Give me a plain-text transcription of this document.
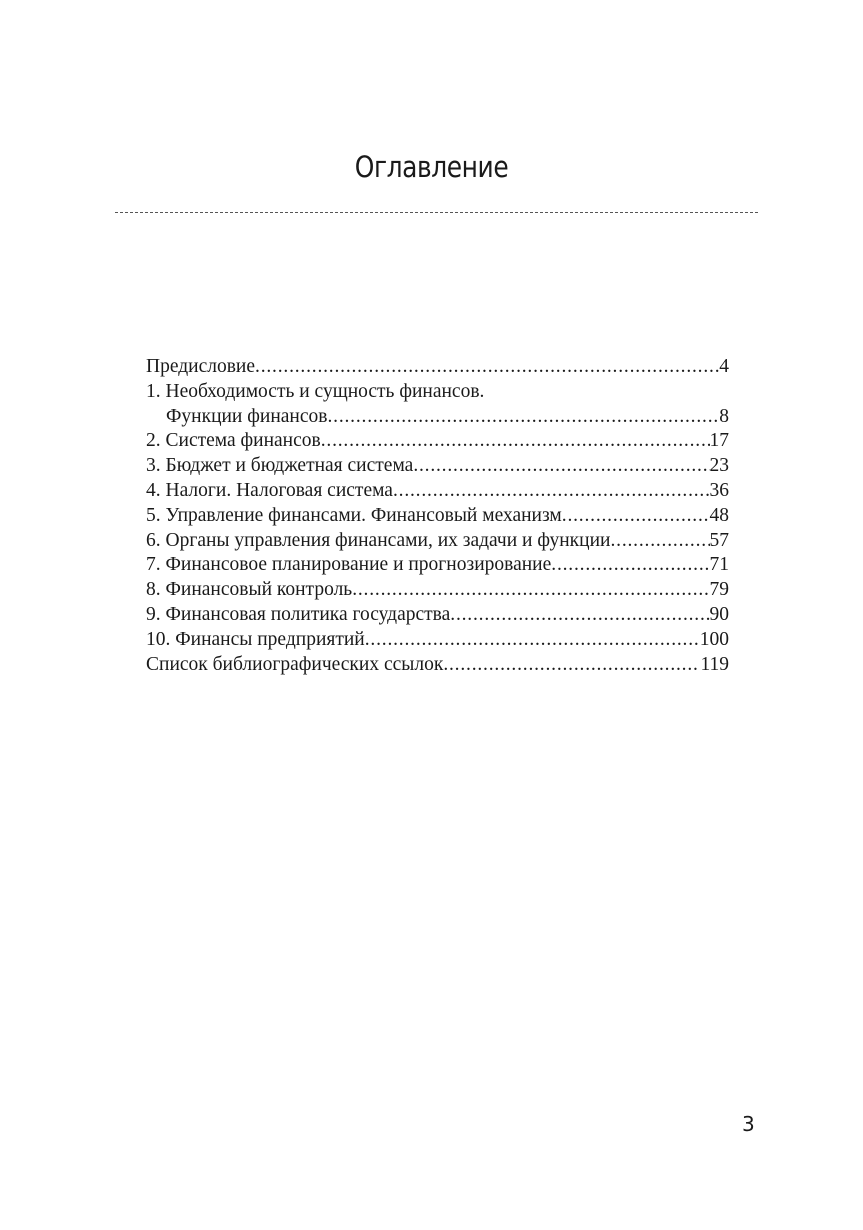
Оглавление
Предисловие .....	4
1. Необходимость и сущность финансов.
Функции финансов .....	8
2. Система финансов .....	17
3. Бюджет и бюджетная система .....	23
4. Налоги. Налоговая система .....	36
5. Управление финансами. Финансовый механизм .....	48
6. Органы управления финансами, их задачи и функции .....	57
7. Финансовое планирование и прогнозирование .....	71
8. Финансовый контроль .....	79
9. Финансовая политика государства .....	90
10. Финансы предприятий .....	100
Список библиографических ссылок .....	119
3
